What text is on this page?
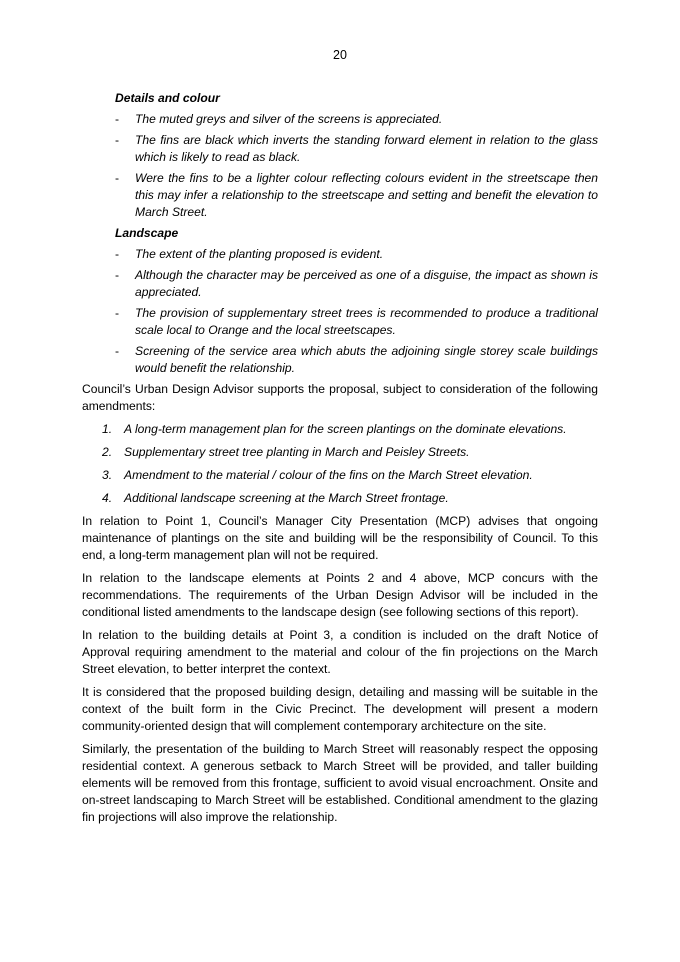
20
Details and colour
- The muted greys and silver of the screens is appreciated.
- The fins are black which inverts the standing forward element in relation to the glass which is likely to read as black.
- Were the fins to be a lighter colour reflecting colours evident in the streetscape then this may infer a relationship to the streetscape and setting and benefit the elevation to March Street.
Landscape
- The extent of the planting proposed is evident.
- Although the character may be perceived as one of a disguise, the impact as shown is appreciated.
- The provision of supplementary street trees is recommended to produce a traditional scale local to Orange and the local streetscapes.
- Screening of the service area which abuts the adjoining single storey scale buildings would benefit the relationship.

Council’s Urban Design Advisor supports the proposal, subject to consideration of the following amendments:

1. A long-term management plan for the screen plantings on the dominate elevations.
2. Supplementary street tree planting in March and Peisley Streets.
3. Amendment to the material / colour of the fins on the March Street elevation.
4. Additional landscape screening at the March Street frontage.

In relation to Point 1, Council’s Manager City Presentation (MCP) advises that ongoing maintenance of plantings on the site and building will be the responsibility of Council. To this end, a long-term management plan will not be required.

In relation to the landscape elements at Points 2 and 4 above, MCP concurs with the recommendations. The requirements of the Urban Design Advisor will be included in the conditional listed amendments to the landscape design (see following sections of this report).

In relation to the building details at Point 3, a condition is included on the draft Notice of Approval requiring amendment to the material and colour of the fin projections on the March Street elevation, to better interpret the context.

It is considered that the proposed building design, detailing and massing will be suitable in the context of the built form in the Civic Precinct. The development will present a modern community-oriented design that will complement contemporary architecture on the site.

Similarly, the presentation of the building to March Street will reasonably respect the opposing residential context. A generous setback to March Street will be provided, and taller building elements will be removed from this frontage, sufficient to avoid visual encroachment. Onsite and on-street landscaping to March Street will be established. Conditional amendment to the glazing fin projections will also improve the relationship.
